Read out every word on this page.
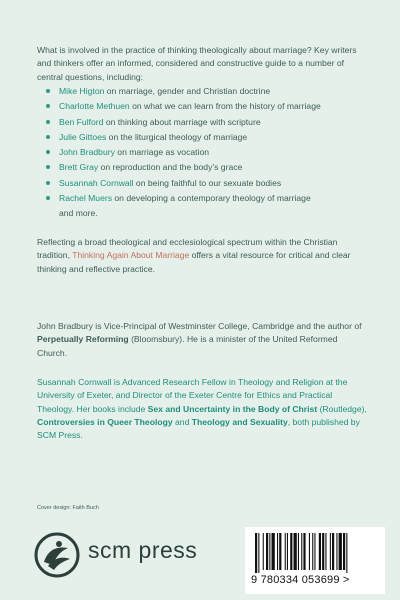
What is involved in the practice of thinking theologically about marriage? Key writers and thinkers offer an informed, considered and constructive guide to a number of central questions, including:
Mike Higton on marriage, gender and Christian doctrine
Charlotte Methuen on what we can learn from the history of marriage
Ben Fulford on thinking about marriage with scripture
Julie Gittoes on the liturgical theology of marriage
John Bradbury on marriage as vocation
Brett Gray on reproduction and the body’s grace
Susannah Cornwall on being faithful to our sexuate bodies
Rachel Muers on developing a contemporary theology of marriage
and more.
Reflecting a broad theological and ecclesiological spectrum within the Christian tradition, Thinking Again About Marriage offers a vital resource for critical and clear thinking and reflective practice.
John Bradbury is Vice-Principal of Westminster College, Cambridge and the author of Perpetually Reforming (Bloomsbury). He is a minister of the United Reformed Church.
Susannah Cornwall is Advanced Research Fellow in Theology and Religion at the University of Exeter, and Director of the Exeter Centre for Ethics and Practical Theology. Her books include Sex and Uncertainty in the Body of Christ (Routledge), Controversies in Queer Theology and Theology and Sexuality, both published by SCM Press.
Cover design: Faith Buch
scm press
9 780334 053699 >
